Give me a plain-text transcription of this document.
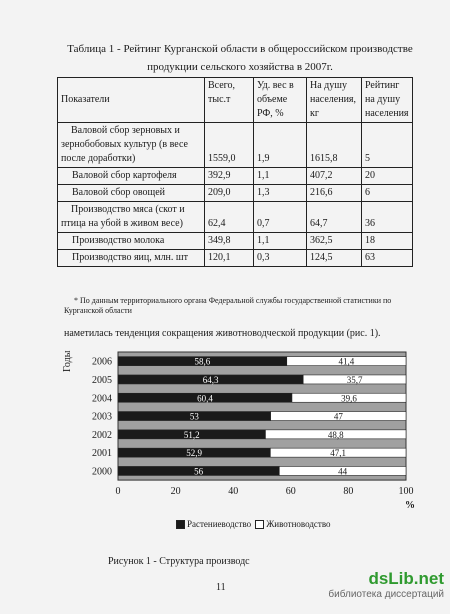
Таблица 1 - Рейтинг Курганской области в общероссийском производстве
продукции сельского хозяйства в 2007г.
Показатели	Всего, тыс.т	Уд. вес в объеме РФ, %	На душу населения, кг	Рейтинг на душу населения
Валовой сбор зерновых и зернобобовых культур (в весе после доработки)	1559,0	1,9	1615,8	5
Валовой сбор картофеля	392,9	1,1	407,2	20
Валовой сбор овощей	209,0	1,3	216,6	6
Производство мяса (скот и птица на убой в живом весе)	62,4	0,7	64,7	36
Производство молока	349,8	1,1	362,5	18
Производство яиц, млн. шт	120,1	0,3	124,5	63
* По данным территориального органа Федеральной службы государственной статистики по Курганской области
наметилась тенденция сокращения животноводческой продукции (рис. 1).
2006	58,6	41,4
2005	64,3	35,7
2004	60,4	39,6
2003	53	47
2002	51,2	48,8
2001	52,9	47,1
2000	56	44
0	20	40	60	80	100
Годы
%
Растениеводство Животноводство
Рисунок 1 - Структура производс
11	dsLib.net
библиотека диссертаций
